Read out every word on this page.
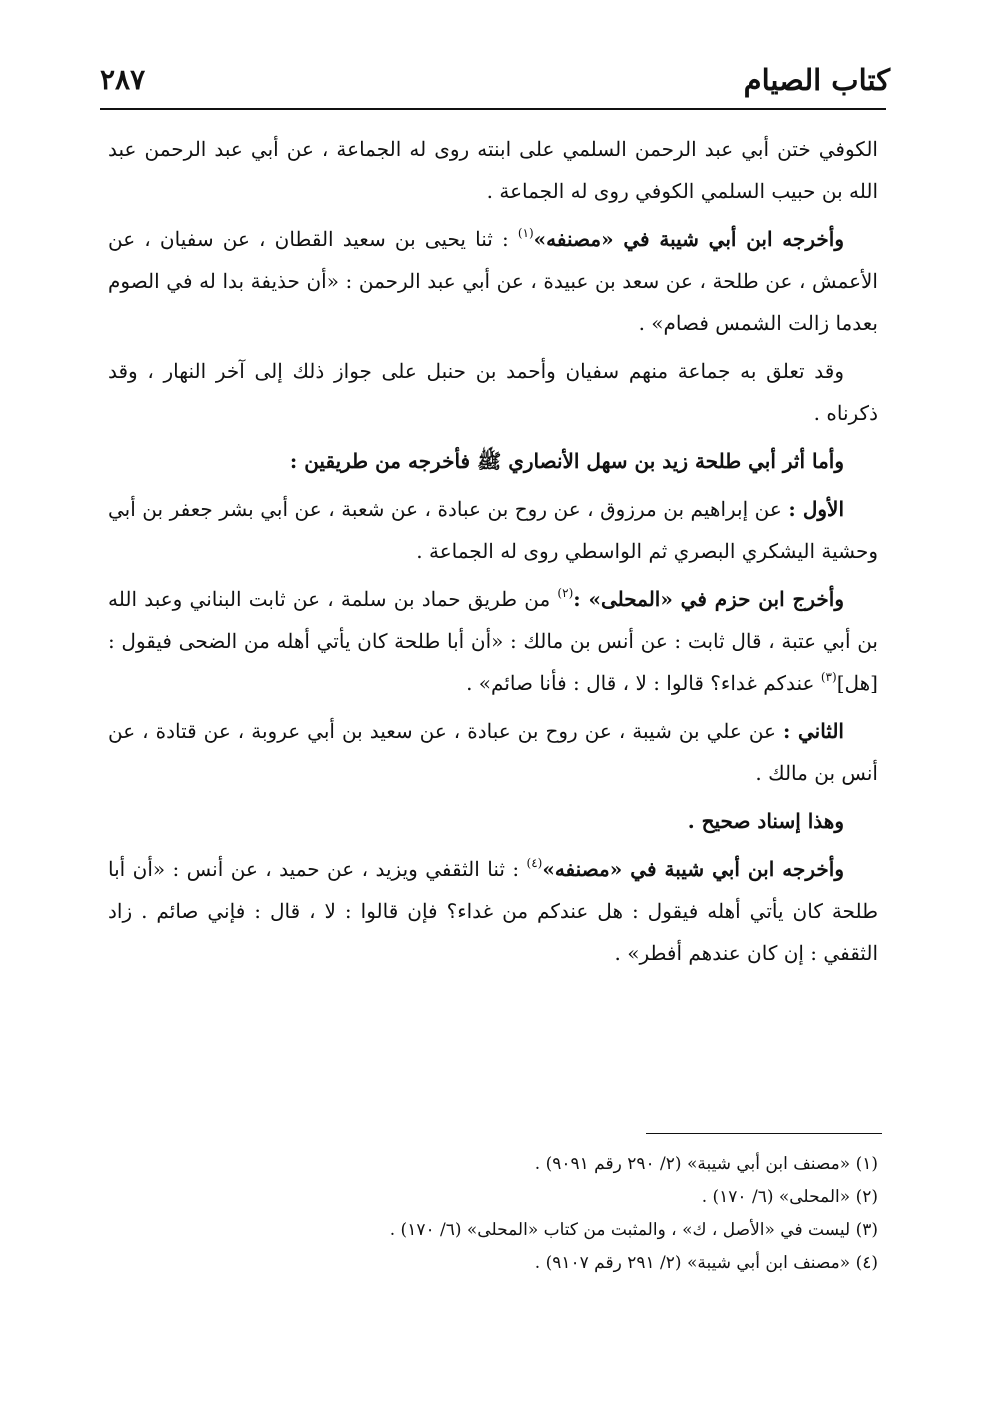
كتاب الصيام
٢٨٧

الكوفي ختن أبي عبد الرحمن السلمي على ابنته روى له الجماعة ، عن أبي عبد الرحمن عبد الله بن حبيب السلمي الكوفي روى له الجماعة .

وأخرجه ابن أبي شيبة في «مصنفه»$^{(١)}$ : ثنا يحيى بن سعيد القطان ، عن سفيان ، عن الأعمش ، عن طلحة ، عن سعد بن عبيدة ، عن أبي عبد الرحمن : «أن حذيفة بدا له في الصوم بعدما زالت الشمس فصام» .

وقد تعلق به جماعة منهم سفيان وأحمد بن حنبل على جواز ذلك إلى آخر النهار ، وقد ذكرناه .

وأما أثر أبي طلحة زيد بن سهل الأنصاري ﷺ فأخرجه من طريقين :

الأول : عن إبراهيم بن مرزوق ، عن روح بن عبادة ، عن شعبة ، عن أبي بشر جعفر بن أبي وحشية اليشكري البصري ثم الواسطي روى له الجماعة .

وأخرج ابن حزم في «المحلى» :$^{(٢)}$ من طريق حماد بن سلمة ، عن ثابت البناني وعبد الله بن أبي عتبة ، قال ثابت : عن أنس بن مالك : «أن أبا طلحة كان يأتي أهله من الضحى فيقول : [هل]$^{(٣)}$ عندكم غداء؟ قالوا : لا ، قال : فأنا صائم» .

الثاني : عن علي بن شيبة ، عن روح بن عبادة ، عن سعيد بن أبي عروبة ، عن قتادة ، عن أنس بن مالك .

وهذا إسناد صحيح .

وأخرجه ابن أبي شيبة في «مصنفه»$^{(٤)}$ : ثنا الثقفي ويزيد ، عن حميد ، عن أنس : «أن أبا طلحة كان يأتي أهله فيقول : هل عندكم من غداء؟ فإن قالوا : لا ، قال : فإني صائم . زاد الثقفي : إن كان عندهم أفطر» .

(١) «مصنف ابن أبي شيبة» (٢/ ٢٩٠ رقم ٩٠٩١) .

(٢) «المحلى» (٦/ ١٧٠) .

(٣) ليست في «الأصل ، ك» ، والمثبت من كتاب «المحلى» (٦/ ١٧٠) .

(٤) «مصنف ابن أبي شيبة» (٢/ ٢٩١ رقم ٩١٠٧) .
